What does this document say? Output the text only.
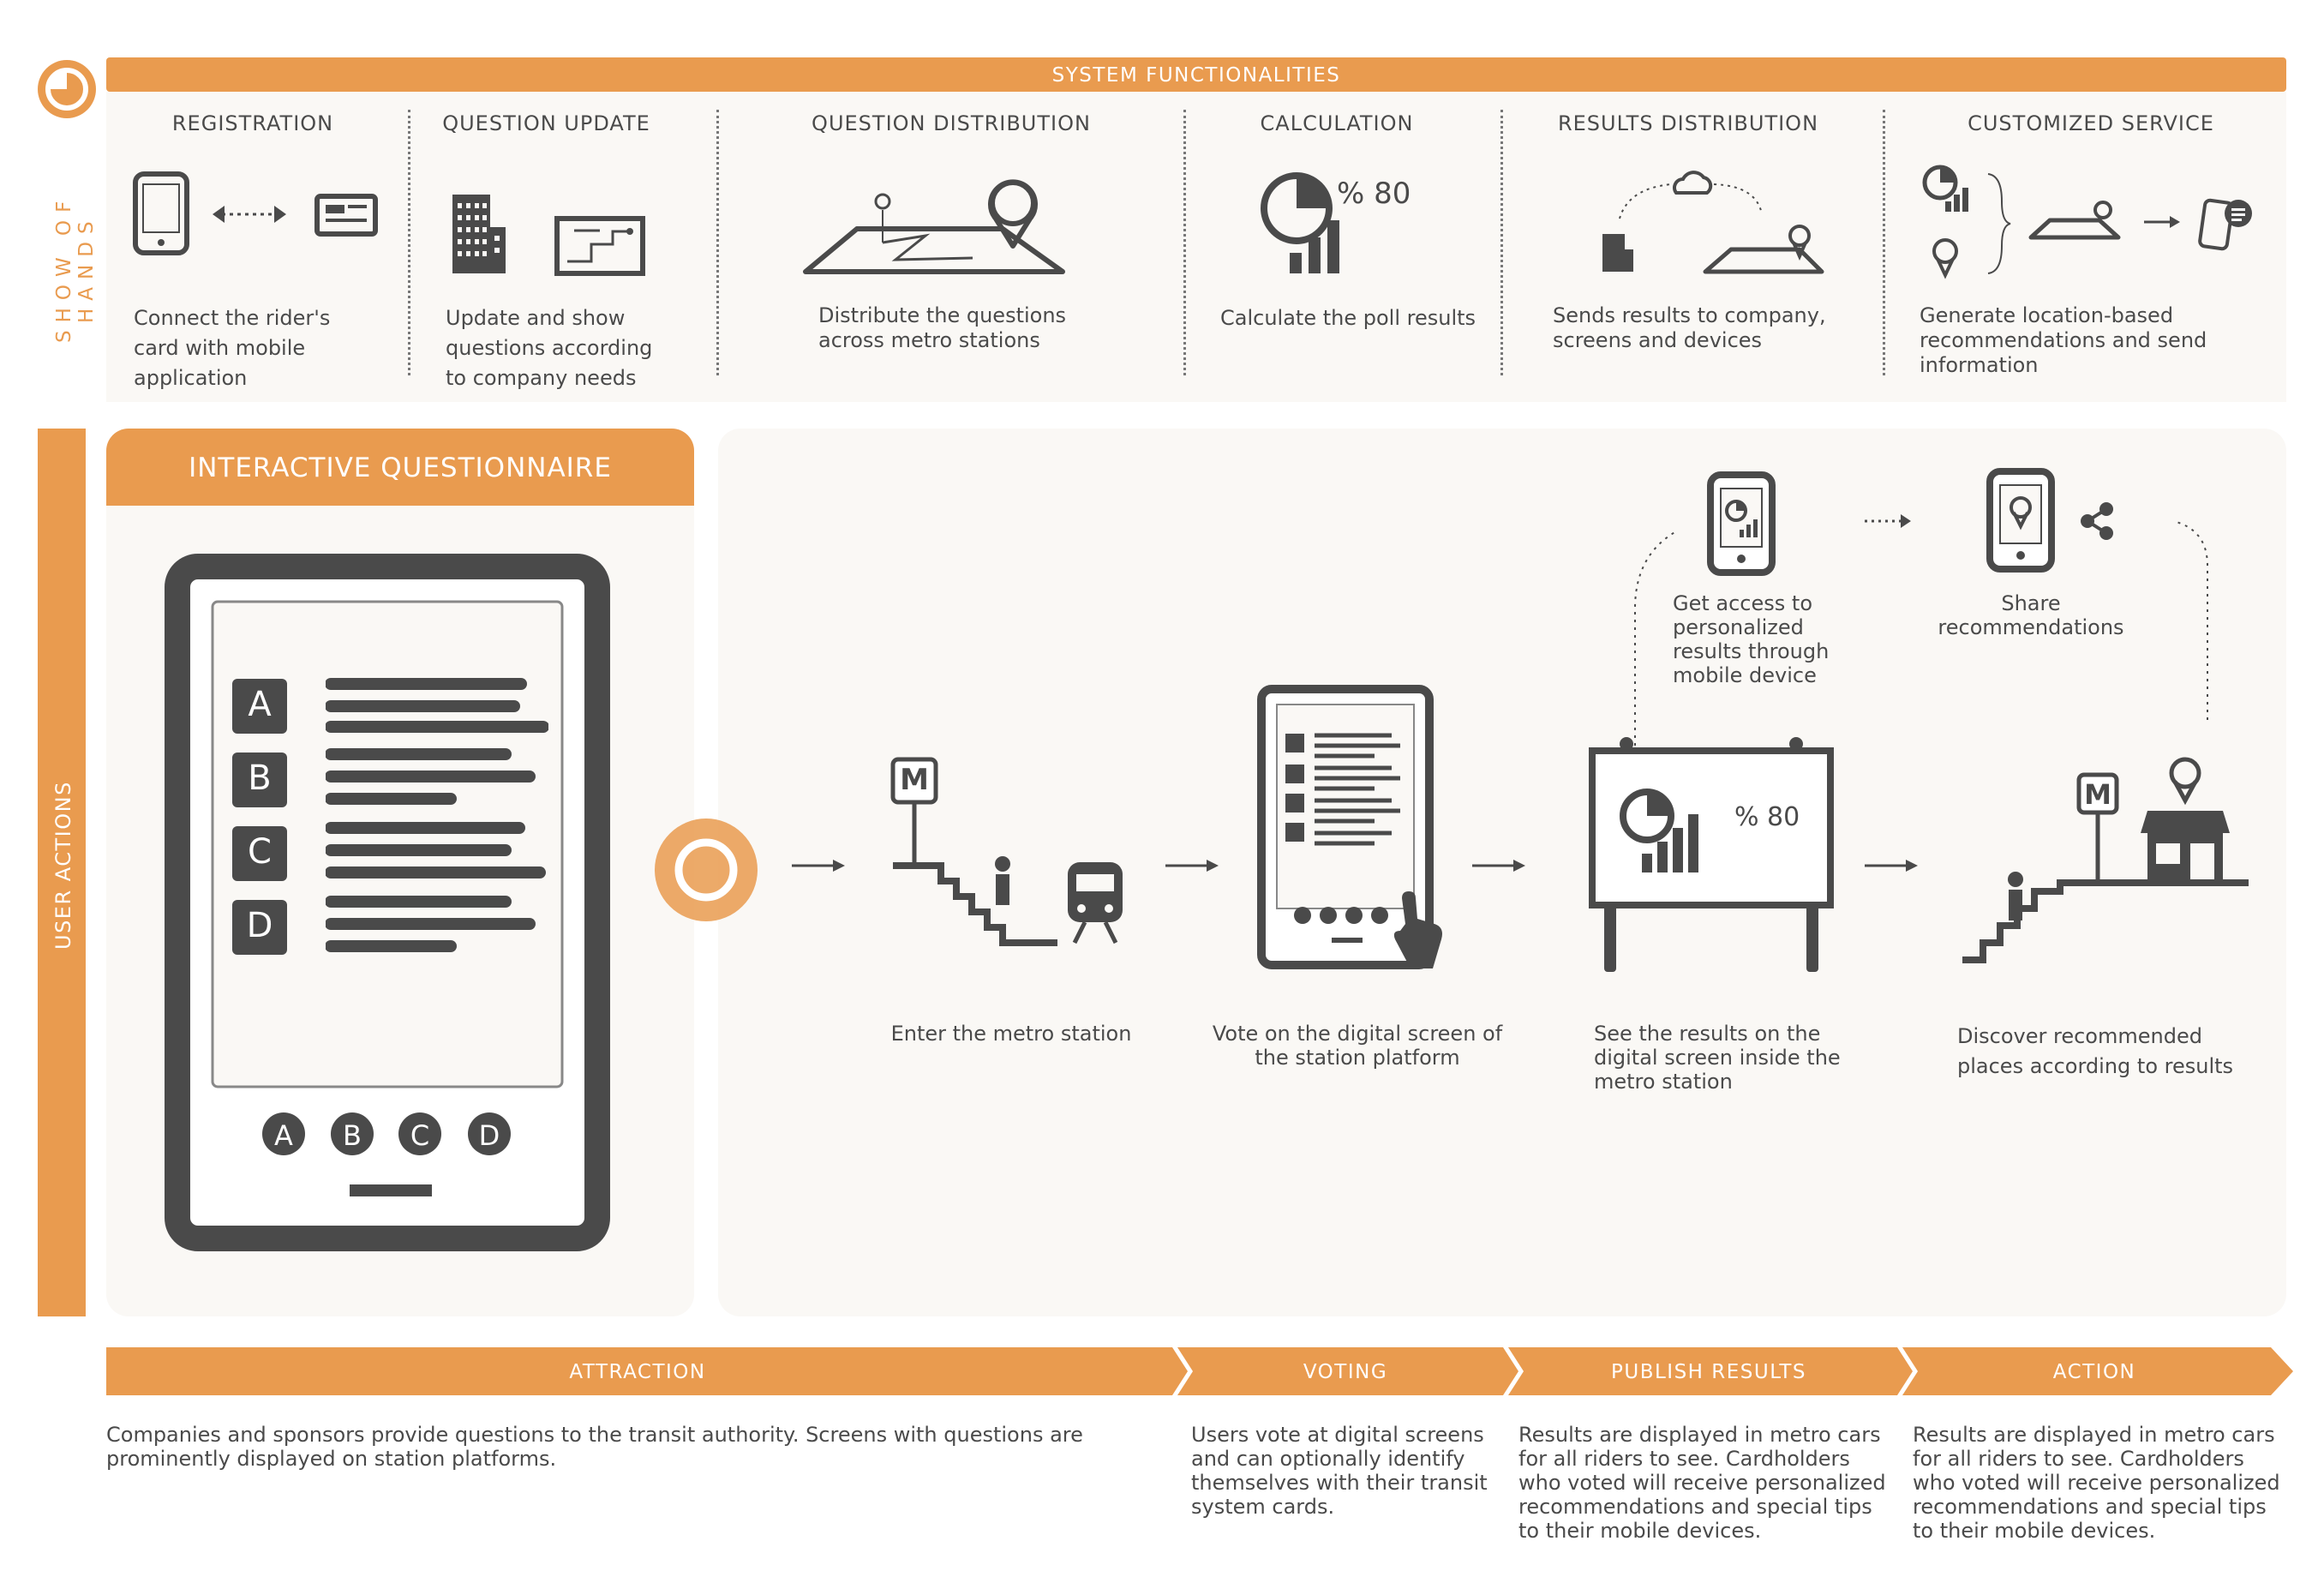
SHOW OF HANDS
SYSTEM FUNCTIONALITIES
REGISTRATION	QUESTION UPDATE	QUESTION DISTRIBUTION	CALCULATION	RESULTS DISTRIBUTION	CUSTOMIZED SERVICE
Connect the rider's card with mobile application
Update and show questions according to company needs
Distribute the questions across metro stations
% 80
Calculate the poll results	Sends results to company, screens and devices
Generate location-based recommendations and send information
USER ACTIONS
INTERACTIVE QUESTIONNAIRE
A
B
C
D
A	B	C	D
M
Enter the metro station	Vote on the digital screen of the station platform
% 80
See the results on the digital screen inside the metro station
M
Discover recommended places according to results
Get access to personalized results through mobile device
Share recommendations
ATTRACTION	VOTING	PUBLISH RESULTS	ACTION
Companies and sponsors provide questions to the transit authority. Screens with questions are prominently displayed on station platforms.
Users vote at digital screens and can optionally identify themselves with their transit system cards.
Results are displayed in metro cars for all riders to see. Cardholders who voted will receive personalized recommendations and special tips to their mobile devices.
Results are displayed in metro cars for all riders to see. Cardholders who voted will receive personalized recommendations and special tips to their mobile devices.
